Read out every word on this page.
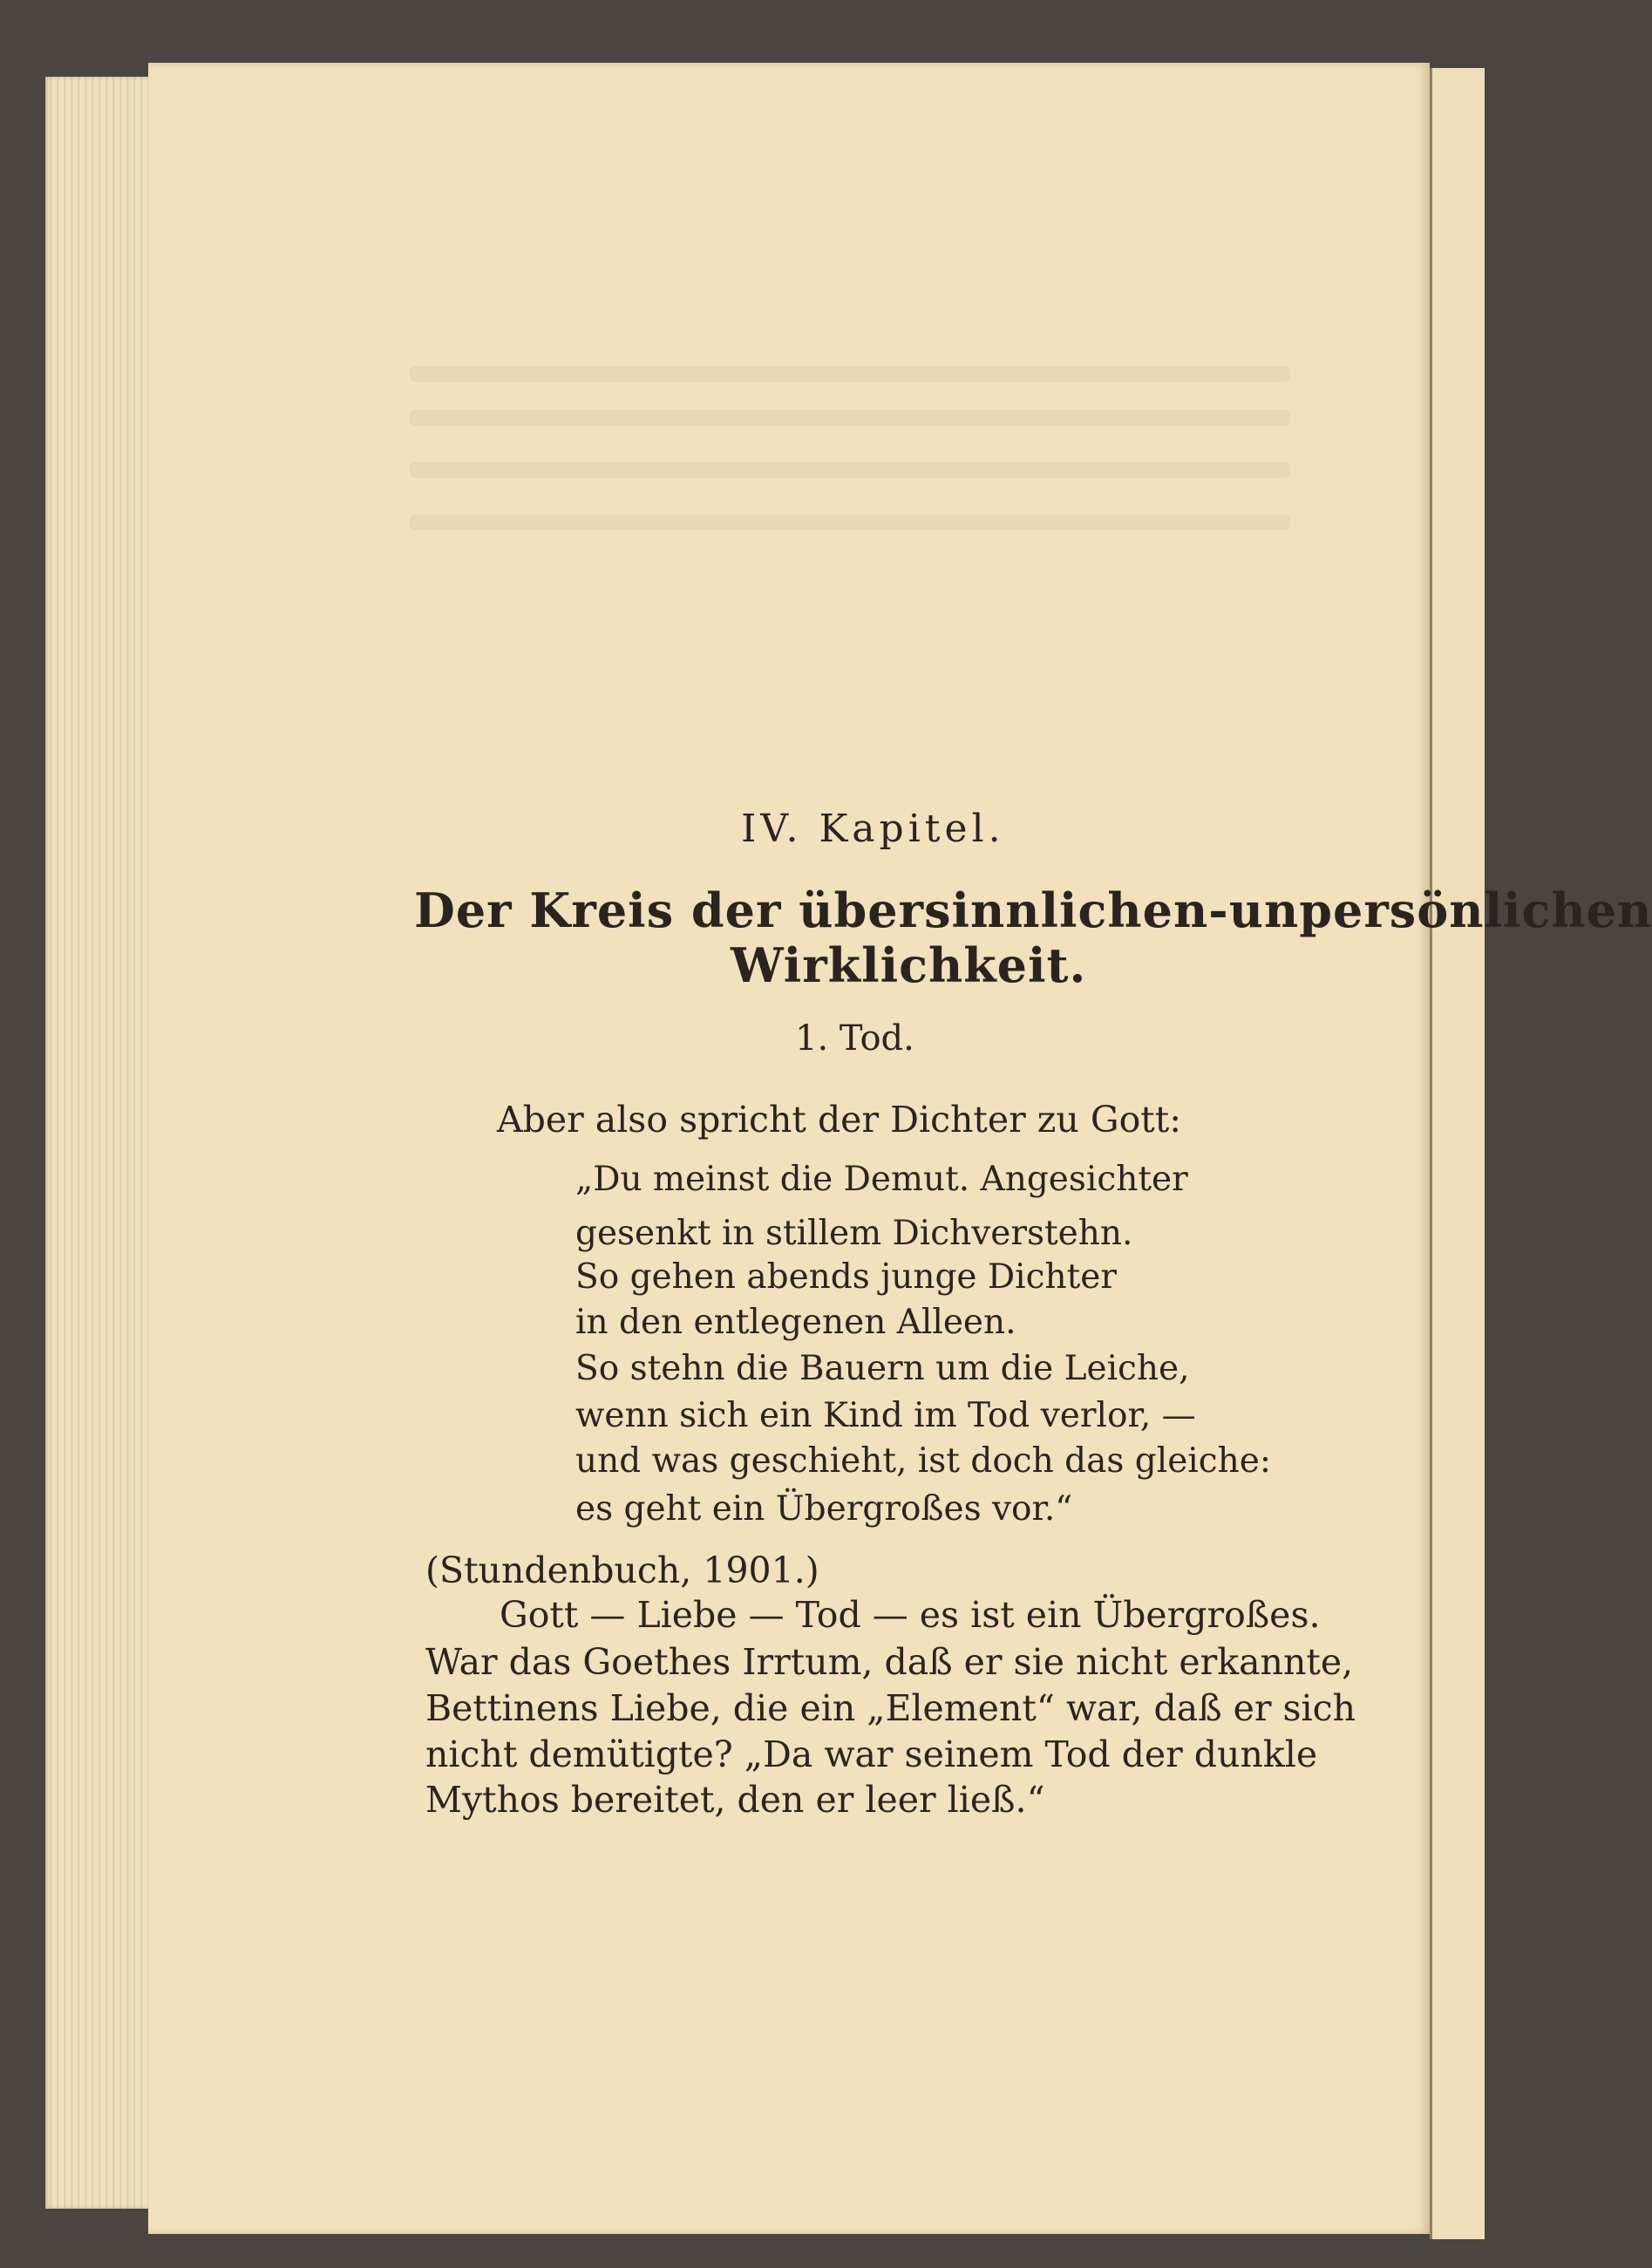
IV. Kapitel.
Der Kreis der übersinnlichen-unpersönlichen
Wirklichkeit.
1. Tod.
Aber also spricht der Dichter zu Gott:
„Du meinst die Demut. Angesichter
gesenkt in stillem Dichverstehn.
So gehen abends junge Dichter
in den entlegenen Alleen.
So stehn die Bauern um die Leiche,
wenn sich ein Kind im Tod verlor, —
und was geschieht, ist doch das gleiche:
es geht ein Übergroßes vor.“
(Stundenbuch, 1901.)
Gott — Liebe — Tod — es ist ein Übergroßes.
War das Goethes Irrtum, daß er sie nicht erkannte,
Bettinens Liebe, die ein „Element“ war, daß er sich
nicht demütigte? „Da war seinem Tod der dunkle
Mythos bereitet, den er leer ließ.“
